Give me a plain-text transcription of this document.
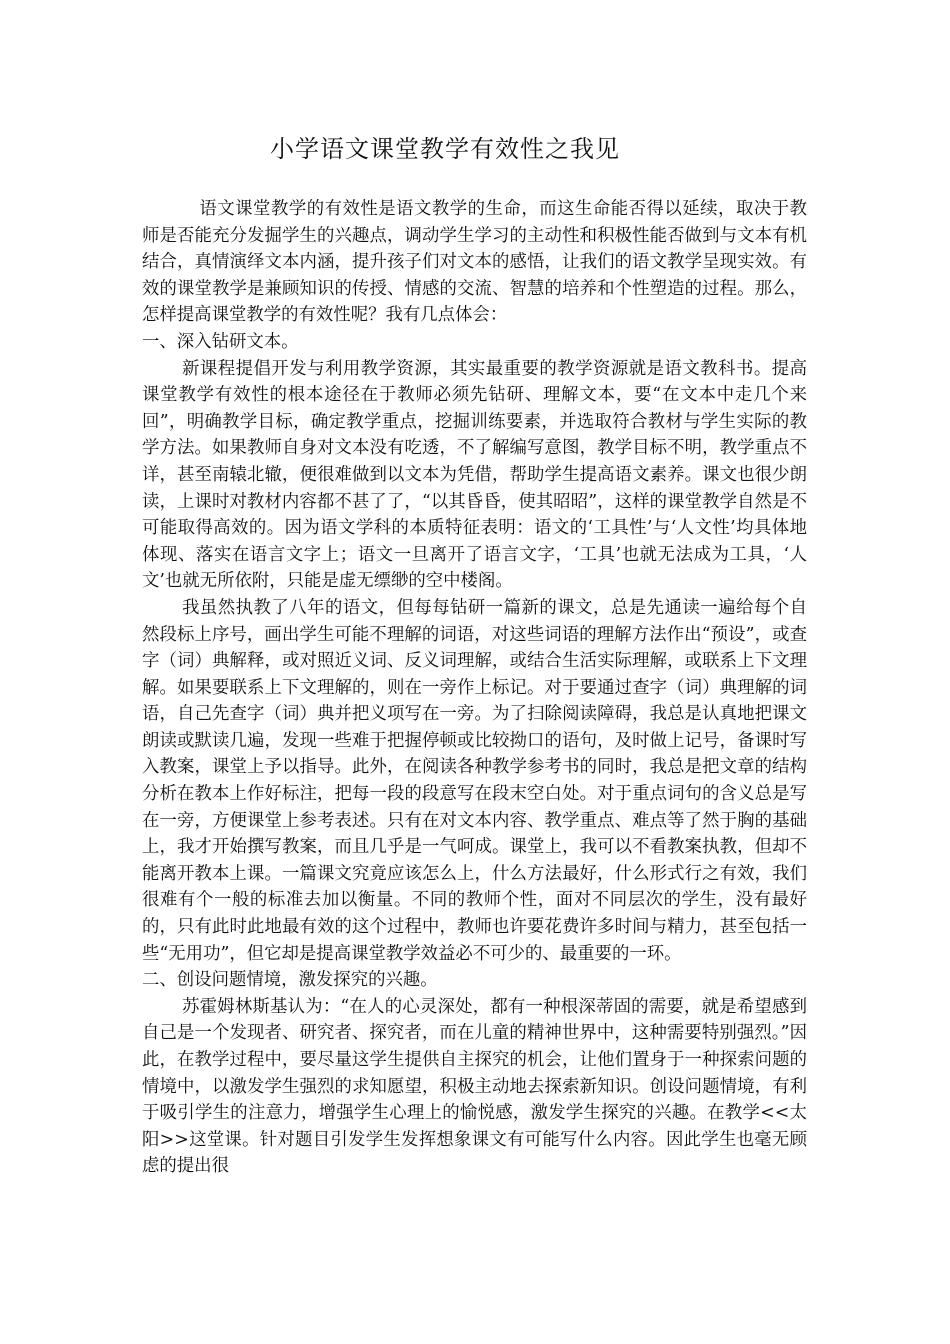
小学语文课堂教学有效性之我见

语文课堂教学的有效性是语文教学的生命，而这生命能否得以延续，取决于教师是否能充分发掘学生的兴趣点，调动学生学习的主动性和积极性能否做到与文本有机结合，真情演绎文本内涵，提升孩子们对文本的感悟，让我们的语文教学呈现实效。有效的课堂教学是兼顾知识的传授、情感的交流、智慧的培养和个性塑造的过程。那么， 怎样提高课堂教学的有效性呢？我有几点体会：

一、深入钻研文本。

新课程提倡开发与利用教学资源，其实最重要的教学资源就是语文教科书。提高课堂教学有效性的根本途径在于教师必须先钻研、理解文本，要“在文本中走几个来回”，明确教学目标，确定教学重点，挖掘训练要素，并选取符合教材与学生实际的教学方法。如果教师自身对文本没有吃透，不了解编写意图，教学目标不明，教学重点不详，甚至南辕北辙，便很难做到以文本为凭借，帮助学生提高语文素养。课文也很少朗读，上课时对教材内容都不甚了了，“以其昏昏，使其昭昭”，这样的课堂教学自然是不可能取得高效的。因为语文学科的本质特征表明：语文的‘工具性’与‘人文性’均具体地体现、落实在语言文字上；语文一旦离开了语言文字，‘工具’也就无法成为工具，‘人文’也就无所依附，只能是虚无缥缈的空中楼阁。

我虽然执教了八年的语文，但每每钻研一篇新的课文，总是先通读一遍给每个自然段标上序号，画出学生可能不理解的词语，对这些词语的理解方法作出“预设”，或查字（词）典解释，或对照近义词、反义词理解，或结合生活实际理解，或联系上下文理解。如果要联系上下文理解的，则在一旁作上标记。对于要通过查字（词）典理解的词语，自己先查字（词）典并把义项写在一旁。为了扫除阅读障碍，我总是认真地把课文朗读或默读几遍，发现一些难于把握停顿或比较拗口的语句，及时做上记号，备课时写入教案，课堂上予以指导。此外，在阅读各种教学参考书的同时，我总是把文章的结构分析在教本上作好标注，把每一段的段意写在段末空白处。对于重点词句的含义总是写在一旁，方便课堂上参考表述。只有在对文本内容、教学重点、难点等了然于胸的基础上，我才开始撰写教案，而且几乎是一气呵成。课堂上，我可以不看教案执教，但却不能离开教本上课。一篇课文究竟应该怎么上，什么方法最好，什么形式行之有效，我们很难有个一般的标准去加以衡量。不同的教师个性，面对不同层次的学生，没有最好的，只有此时此地最有效的这个过程中，教师也许要花费许多时间与精力，甚至包括一些“无用功”，但它却是提高课堂教学效益必不可少的、最重要的一环。

二、创设问题情境，激发探究的兴趣。

苏霍姆林斯基认为：“在人的心灵深处，都有一种根深蒂固的需要，就是希望感到自己是一个发现者、研究者、探究者，而在儿童的精神世界中，这种需要特别强烈。”因此，在教学过程中，要尽量这学生提供自主探究的机会，让他们置身于一种探索问题的情境中，以激发学生强烈的求知愿望，积极主动地去探索新知识。创设问题情境，有利于吸引学生的注意力，增强学生心理上的愉悦感，激发学生探究的兴趣。在教学<<太阳>>这堂课。针对题目引发学生发挥想象课文有可能写什么内容。因此学生也毫无顾虑的提出很
